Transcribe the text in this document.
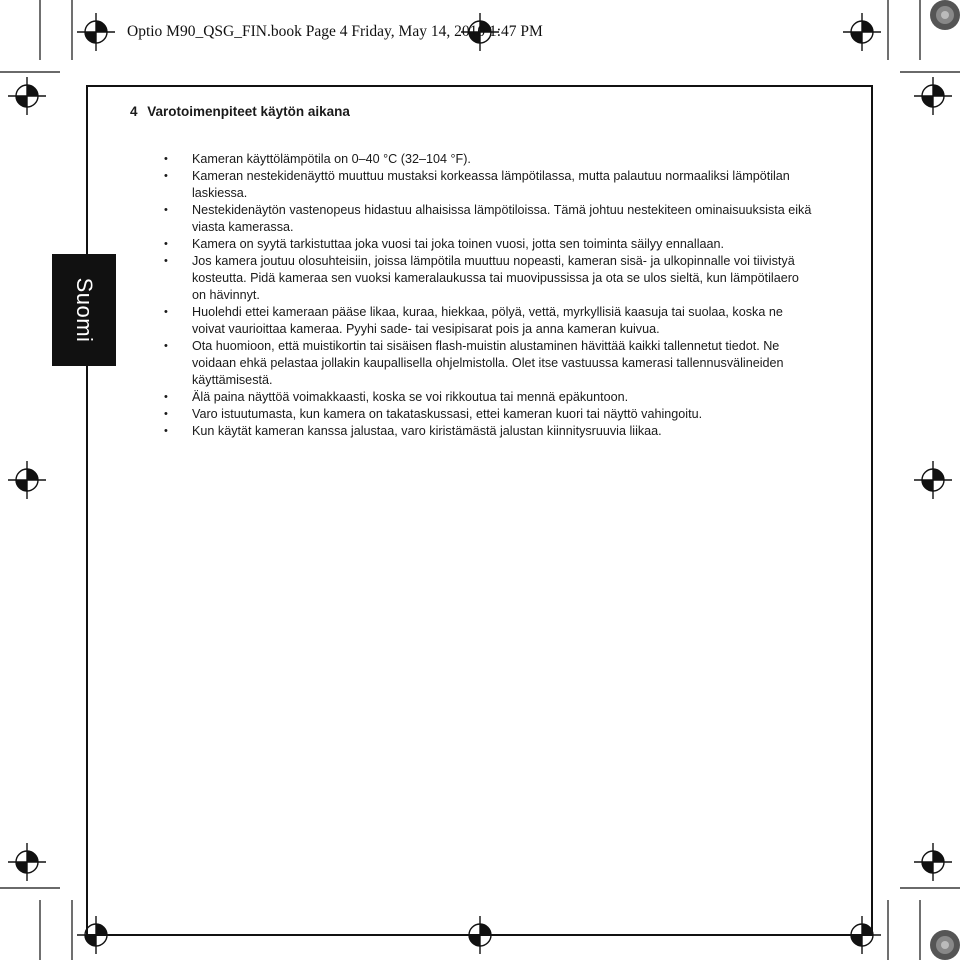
Optio M90_QSG_FIN.book Page 4 Friday, May 14, 2010 1:47 PM

Suomi
4 Varotoimenpiteet käytön aikana
• Kameran käyttölämpötila on 0–40 °C (32–104 °F).
• Kameran nestekidenäyttö muuttuu mustaksi korkeassa lämpötilassa, mutta palautuu normaaliksi lämpötilan laskiessa.
• Nestekidenäytön vastenopeus hidastuu alhaisissa lämpötiloissa. Tämä johtuu nestekiteen ominaisuuksista eikä viasta kamerassa.
• Kamera on syytä tarkistuttaa joka vuosi tai joka toinen vuosi, jotta sen toiminta säilyy ennallaan.
• Jos kamera joutuu olosuhteisiin, joissa lämpötila muuttuu nopeasti, kameran sisä- ja ulkopinnalle voi tiivistyä kosteutta. Pidä kameraa sen vuoksi kameralaukussa tai muovipussissa ja ota se ulos sieltä, kun lämpötilaero on hävinnyt.
• Huolehdi ettei kameraan pääse likaa, kuraa, hiekkaa, pölyä, vettä, myrkyllisiä kaasuja tai suolaa, koska ne voivat vaurioittaa kameraa. Pyyhi sade- tai vesipisarat pois ja anna kameran kuivua.
• Ota huomioon, että muistikortin tai sisäisen flash-muistin alustaminen hävittää kaikki tallennetut tiedot. Ne voidaan ehkä pelastaa jollakin kaupallisella ohjelmistolla. Olet itse vastuussa kamerasi tallennusvälineiden käyttämisestä.
• Älä paina näyttöä voimakkaasti, koska se voi rikkoutua tai mennä epäkuntoon.
• Varo istuutumasta, kun kamera on takataskussasi, ettei kameran kuori tai näyttö vahingoitu.
• Kun käytät kameran kanssa jalustaa, varo kiristämästä jalustan kiinnitysruuvia liikaa.
